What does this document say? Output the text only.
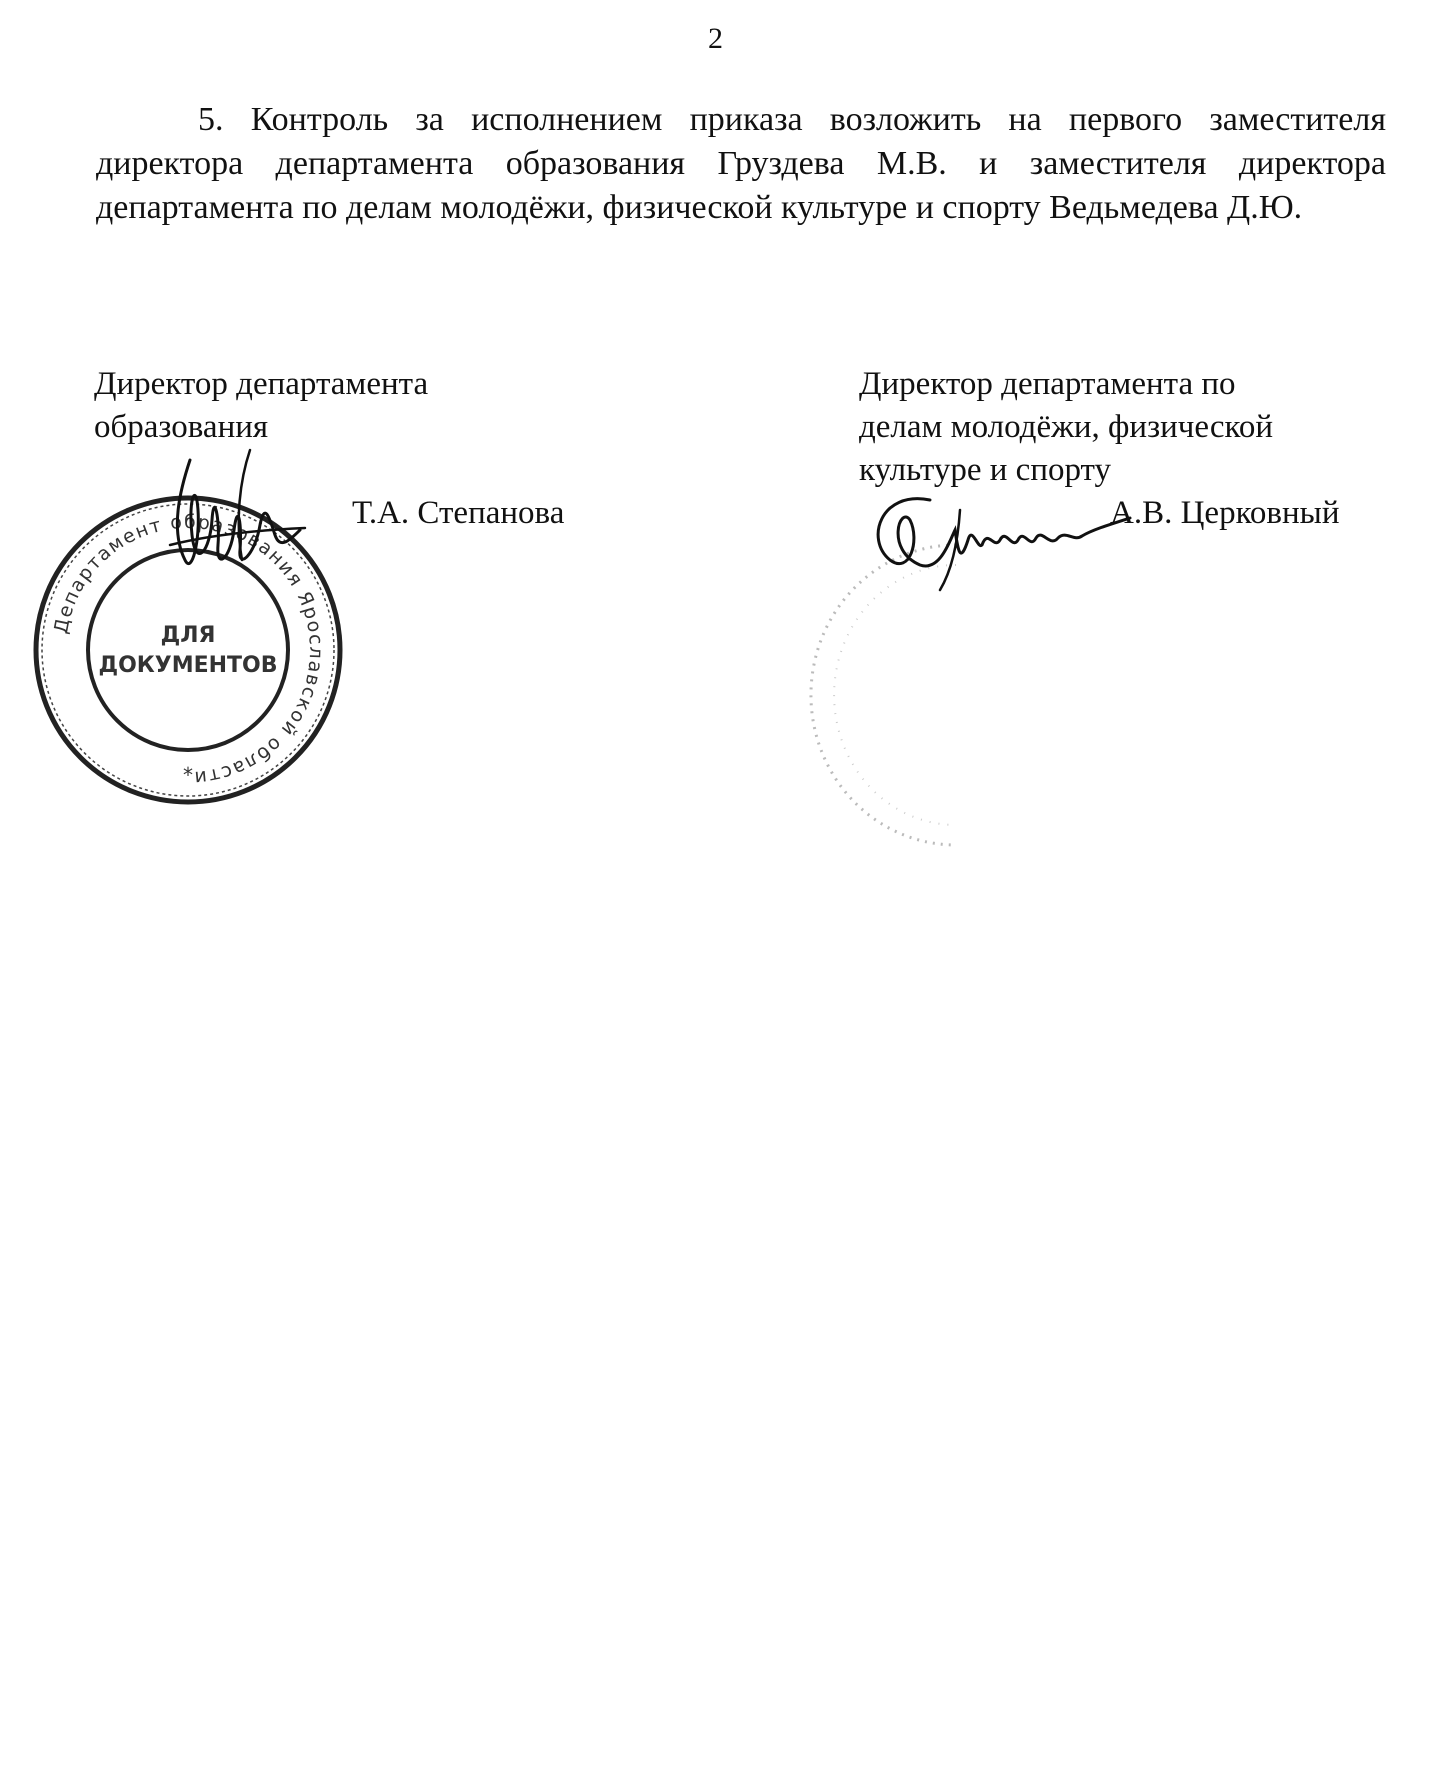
2

5. Контроль за исполнением приказа возложить на первого заместителя директора департамента образования Груздева М.В. и заместителя директора департамента по делам молодёжи, физической культуре и спорту Ведьмедева Д.Ю.

Директор департамента
образования

Департамент образования Ярославской области
*
ДЛЯ
ДОКУМЕНТОВ

Т.А. Степанова

Директор департамента по
делам молодёжи, физической
культуре и спорту

А.В. Церковный
